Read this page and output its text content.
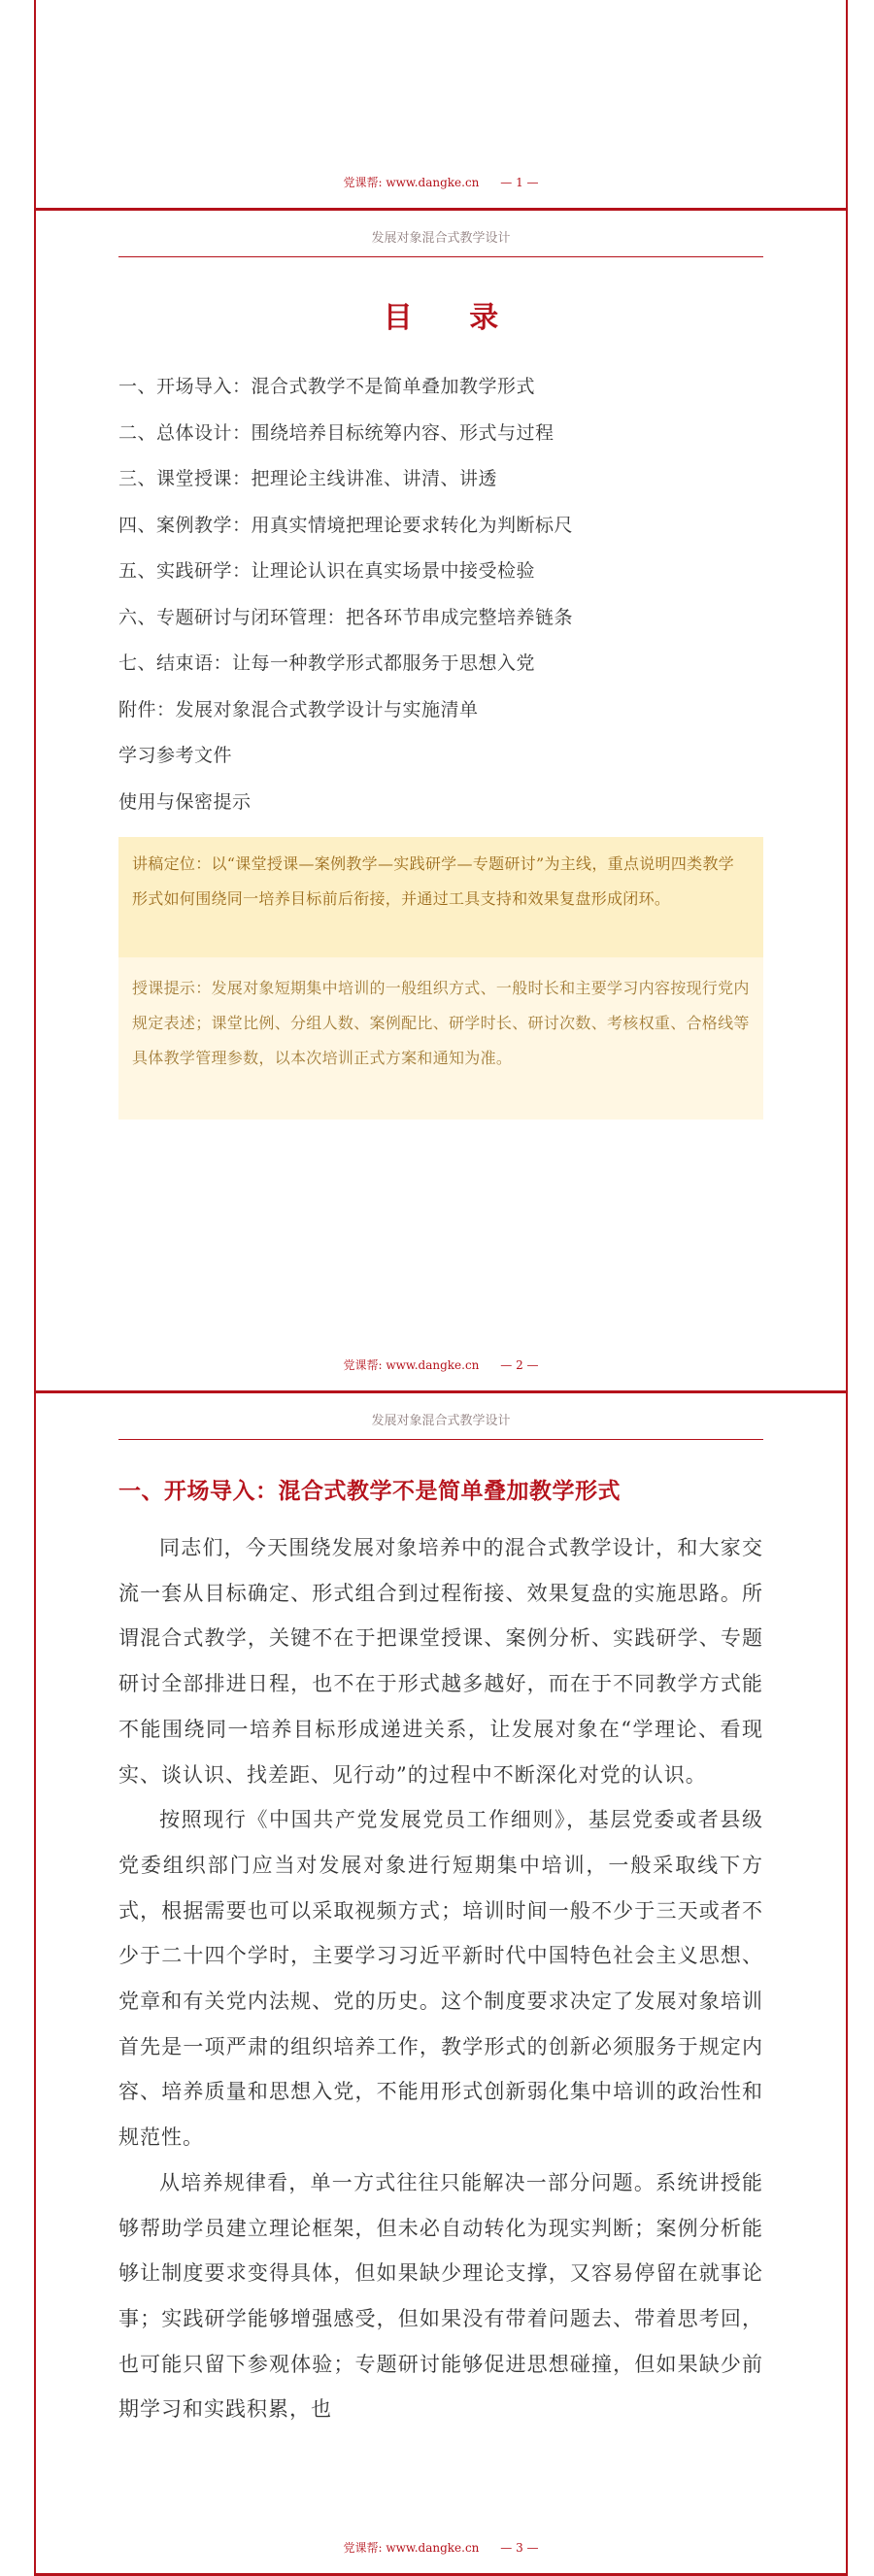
党课帮: www.dangke.cn — 1 —
发展对象混合式教学设计
目 录
一、开场导入：混合式教学不是简单叠加教学形式
二、总体设计：围绕培养目标统筹内容、形式与过程
三、课堂授课：把理论主线讲准、讲清、讲透
四、案例教学：用真实情境把理论要求转化为判断标尺
五、实践研学：让理论认识在真实场景中接受检验
六、专题研讨与闭环管理：把各环节串成完整培养链条
七、结束语：让每一种教学形式都服务于思想入党
附件：发展对象混合式教学设计与实施清单
学习参考文件
使用与保密提示
讲稿定位：以“课堂授课—案例教学—实践研学—专题研讨”为主线，重点说明四类教学形式如何围绕同一培养目标前后衔接，并通过工具支持和效果复盘形成闭环。
授课提示：发展对象短期集中培训的一般组织方式、一般时长和主要学习内容按现行党内规定表述；课堂比例、分组人数、案例配比、研学时长、研讨次数、考核权重、合格线等具体教学管理参数，以本次培训正式方案和通知为准。
党课帮: www.dangke.cn — 2 —
发展对象混合式教学设计
一、开场导入：混合式教学不是简单叠加教学形式

同志们，今天围绕发展对象培养中的混合式教学设计，和大家交流一套从目标确定、形式组合到过程衔接、效果复盘的实施思路。所谓混合式教学，关键不在于把课堂授课、案例分析、实践研学、专题研讨全部排进日程，也不在于形式越多越好，而在于不同教学方式能不能围绕同一培养目标形成递进关系，让发展对象在“学理论、看现实、谈认识、找差距、见行动”的过程中不断深化对党的认识。

按照现行《中国共产党发展党员工作细则》，基层党委或者县级党委组织部门应当对发展对象进行短期集中培训，一般采取线下方式，根据需要也可以采取视频方式；培训时间一般不少于三天或者不少于二十四个学时，主要学习习近平新时代中国特色社会主义思想、党章和有关党内法规、党的历史。这个制度要求决定了发展对象培训首先是一项严肃的组织培养工作，教学形式的创新必须服务于规定内容、培养质量和思想入党，不能用形式创新弱化集中培训的政治性和规范性。

从培养规律看，单一方式往往只能解决一部分问题。系统讲授能够帮助学员建立理论框架，但未必自动转化为现实判断；案例分析能够让制度要求变得具体，但如果缺少理论支撑，又容易停留在就事论事；实践研学能够增强感受，但如果没有带着问题去、带着思考回，也可能只留下参观体验；专题研讨能够促进思想碰撞，但如果缺少前期学习和实践积累，也

党课帮: www.dangke.cn — 3 —
